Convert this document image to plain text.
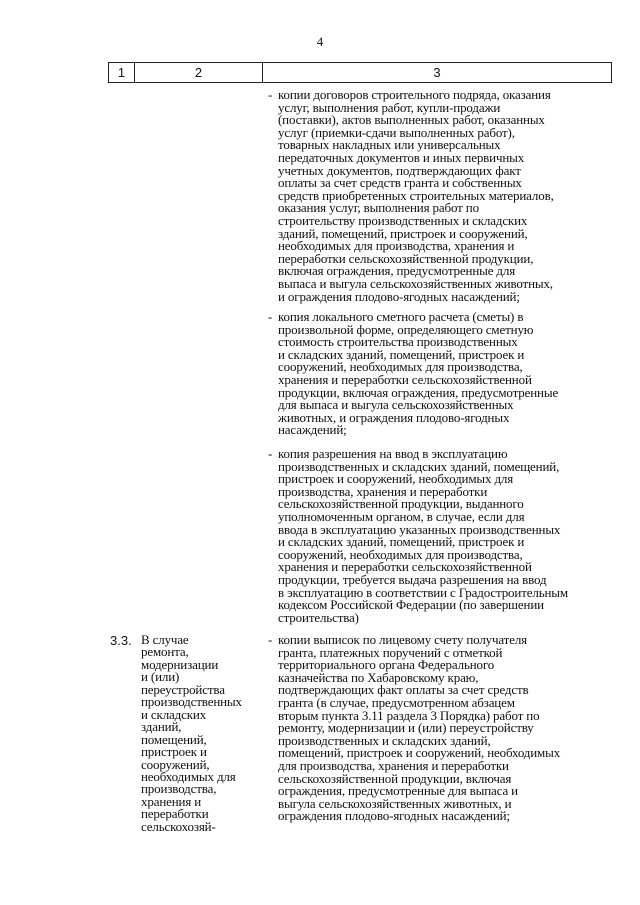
4
1	2	3
3.3. В случае
ремонта,
модернизации
и (или)
переустройства
производственных
и складских
зданий,
помещений,
пристроек и
сооружений,
необходимых для
производства,
хранения и
переработки
сельскохозяй-
- копии договоров строительного подряда, оказания
услуг, выполнения работ, купли-продажи
(поставки), актов выполненных работ, оказанных
услуг (приемки-сдачи выполненных работ),
товарных накладных или универсальных
передаточных документов и иных первичных
учетных документов, подтверждающих факт
оплаты за счет средств гранта и собственных
средств приобретенных строительных материалов,
оказания услуг, выполнения работ по
строительству производственных и складских
зданий, помещений, пристроек и сооружений,
необходимых для производства, хранения и
переработки сельскохозяйственной продукции,
включая ограждения, предусмотренные для
выпаса и выгула сельскохозяйственных животных,
и ограждения плодово-ягодных насаждений;
- копия локального сметного расчета (сметы) в
произвольной форме, определяющего сметную
стоимость строительства производственных
и складских зданий, помещений, пристроек и
сооружений, необходимых для производства,
хранения и переработки сельскохозяйственной
продукции, включая ограждения, предусмотренные
для выпаса и выгула сельскохозяйственных
животных, и ограждения плодово-ягодных
насаждений;
- копия разрешения на ввод в эксплуатацию
производственных и складских зданий, помещений,
пристроек и сооружений, необходимых для
производства, хранения и переработки
сельскохозяйственной продукции, выданного
уполномоченным органом, в случае, если для
ввода в эксплуатацию указанных производственных
и складских зданий, помещений, пристроек и
сооружений, необходимых для производства,
хранения и переработки сельскохозяйственной
продукции, требуется выдача разрешения на ввод
в эксплуатацию в соответствии с Градостроительным
кодексом Российской Федерации (по завершении
строительства)
- копии выписок по лицевому счету получателя
гранта, платежных поручений с отметкой
территориального органа Федерального
казначейства по Хабаровскому краю,
подтверждающих факт оплаты за счет средств
гранта (в случае, предусмотренном абзацем
вторым пункта 3.11 раздела 3 Порядка) работ по
ремонту, модернизации и (или) переустройству
производственных и складских зданий,
помещений, пристроек и сооружений, необходимых
для производства, хранения и переработки
сельскохозяйственной продукции, включая
ограждения, предусмотренные для выпаса и
выгула сельскохозяйственных животных, и
ограждения плодово-ягодных насаждений;
